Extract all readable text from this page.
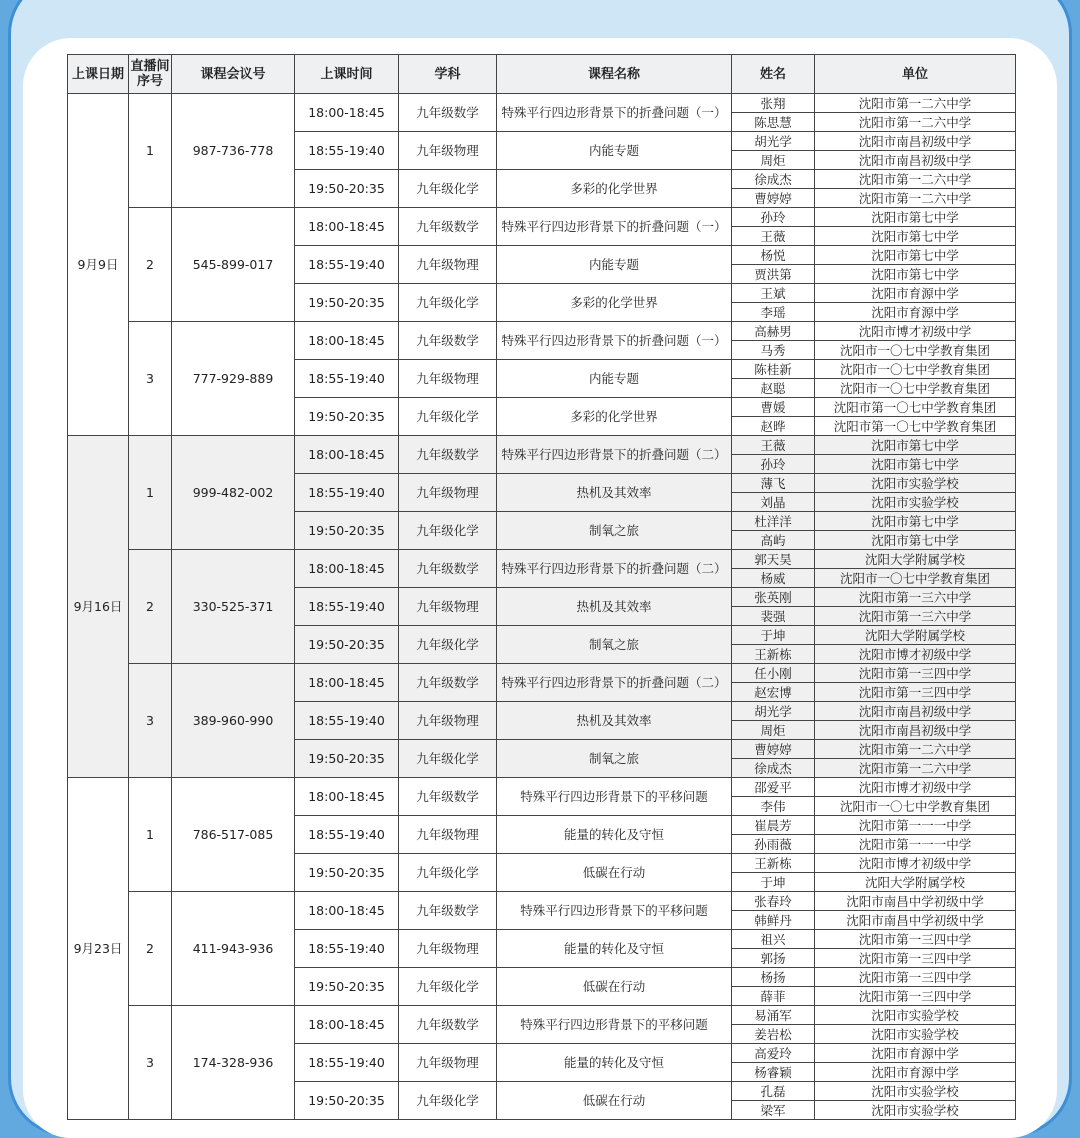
上课日期	直播间序号	课程会议号	上课时间	学科	课程名称	姓名	单位
9月9日	1	987-736-778	18:00-18:45	九年级数学	特殊平行四边形背景下的折叠问题（一）	张翔	沈阳市第一二六中学
						陈思慧	沈阳市第一二六中学
			18:55-19:40	九年级物理	内能专题	胡光学	沈阳市南昌初级中学
						周炬	沈阳市南昌初级中学
			19:50-20:35	九年级化学	多彩的化学世界	徐成杰	沈阳市第一二六中学
						曹婷婷	沈阳市第一二六中学
	2	545-899-017	18:00-18:45	九年级数学	特殊平行四边形背景下的折叠问题（一）	孙玲	沈阳市第七中学
						王薇	沈阳市第七中学
			18:55-19:40	九年级物理	内能专题	杨悦	沈阳市第七中学
						贾洪第	沈阳市第七中学
			19:50-20:35	九年级化学	多彩的化学世界	王斌	沈阳市育源中学
						李瑶	沈阳市育源中学
	3	777-929-889	18:00-18:45	九年级数学	特殊平行四边形背景下的折叠问题（一）	高赫男	沈阳市博才初级中学
						马秀	沈阳市一〇七中学教育集团
			18:55-19:40	九年级物理	内能专题	陈桂新	沈阳市一〇七中学教育集团
						赵聪	沈阳市一〇七中学教育集团
			19:50-20:35	九年级化学	多彩的化学世界	曹媛	沈阳市第一〇七中学教育集团
						赵晔	沈阳市第一〇七中学教育集团
9月16日	1	999-482-002	18:00-18:45	九年级数学	特殊平行四边形背景下的折叠问题（二）	王薇	沈阳市第七中学
						孙玲	沈阳市第七中学
			18:55-19:40	九年级物理	热机及其效率	薄飞	沈阳市实验学校
						刘晶	沈阳市实验学校
			19:50-20:35	九年级化学	制氧之旅	杜洋洋	沈阳市第七中学
						高屿	沈阳市第七中学
	2	330-525-371	18:00-18:45	九年级数学	特殊平行四边形背景下的折叠问题（二）	郭天昊	沈阳大学附属学校
						杨威	沈阳市一〇七中学教育集团
			18:55-19:40	九年级物理	热机及其效率	张英刚	沈阳市第一三六中学
						裴强	沈阳市第一三六中学
			19:50-20:35	九年级化学	制氧之旅	于坤	沈阳大学附属学校
						王新栋	沈阳市博才初级中学
	3	389-960-990	18:00-18:45	九年级数学	特殊平行四边形背景下的折叠问题（二）	任小刚	沈阳市第一三四中学
						赵宏博	沈阳市第一三四中学
			18:55-19:40	九年级物理	热机及其效率	胡光学	沈阳市南昌初级中学
						周炬	沈阳市南昌初级中学
			19:50-20:35	九年级化学	制氧之旅	曹婷婷	沈阳市第一二六中学
						徐成杰	沈阳市第一二六中学
9月23日	1	786-517-085	18:00-18:45	九年级数学	特殊平行四边形背景下的平移问题	邵爱平	沈阳市博才初级中学
						李伟	沈阳市一〇七中学教育集团
			18:55-19:40	九年级物理	能量的转化及守恒	崔晨芳	沈阳市第一一一中学
						孙雨薇	沈阳市第一一一中学
			19:50-20:35	九年级化学	低碳在行动	王新栋	沈阳市博才初级中学
						于坤	沈阳大学附属学校
	2	411-943-936	18:00-18:45	九年级数学	特殊平行四边形背景下的平移问题	张春玲	沈阳市南昌中学初级中学
						韩鲜丹	沈阳市南昌中学初级中学
			18:55-19:40	九年级物理	能量的转化及守恒	祖兴	沈阳市第一三四中学
						郭扬	沈阳市第一三四中学
			19:50-20:35	九年级化学	低碳在行动	杨扬	沈阳市第一三四中学
						薛菲	沈阳市第一三四中学
	3	174-328-936	18:00-18:45	九年级数学	特殊平行四边形背景下的平移问题	易涌军	沈阳市实验学校
						姜岩松	沈阳市实验学校
			18:55-19:40	九年级物理	能量的转化及守恒	高爱玲	沈阳市育源中学
						杨睿颖	沈阳市育源中学
			19:50-20:35	九年级化学	低碳在行动	孔磊	沈阳市实验学校
						梁军	沈阳市实验学校
